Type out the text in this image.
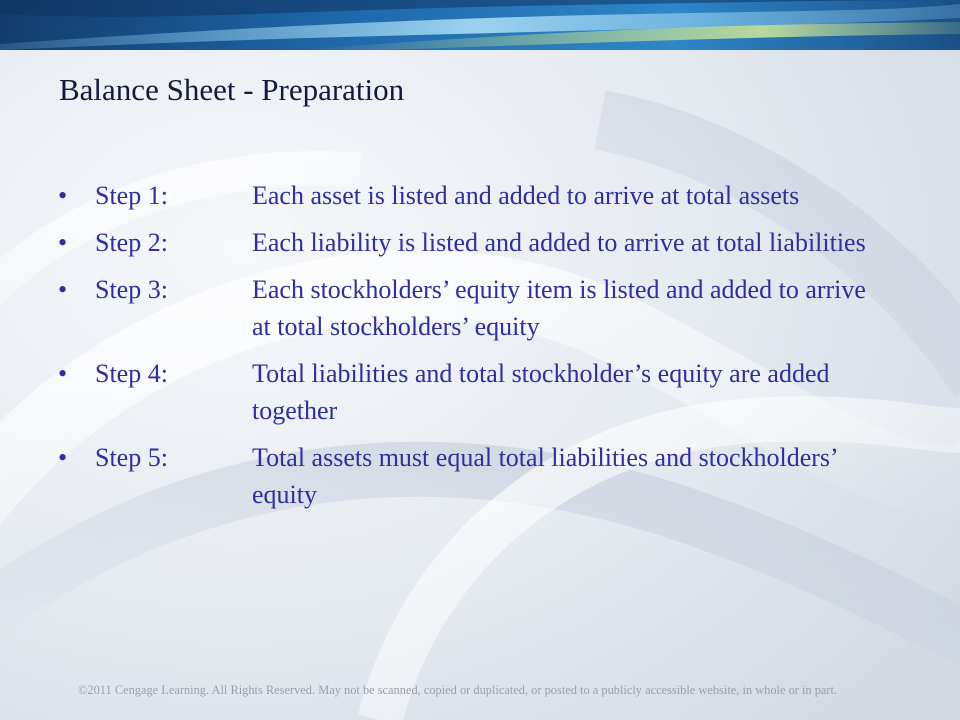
Balance Sheet - Preparation
• Step 1:	Each asset is listed and added to arrive at total assets
• Step 2:	Each liability is listed and added to arrive at total liabilities
• Step 3:	Each stockholders’ equity item is listed and added to arrive at total stockholders’ equity
• Step 4:	Total liabilities and total stockholder’s equity are added together
• Step 5:	Total assets must equal total liabilities and stockholders’ equity
©2011 Cengage Learning. All Rights Reserved. May not be scanned, copied or duplicated, or posted to a publicly accessible website, in whole or in part.
